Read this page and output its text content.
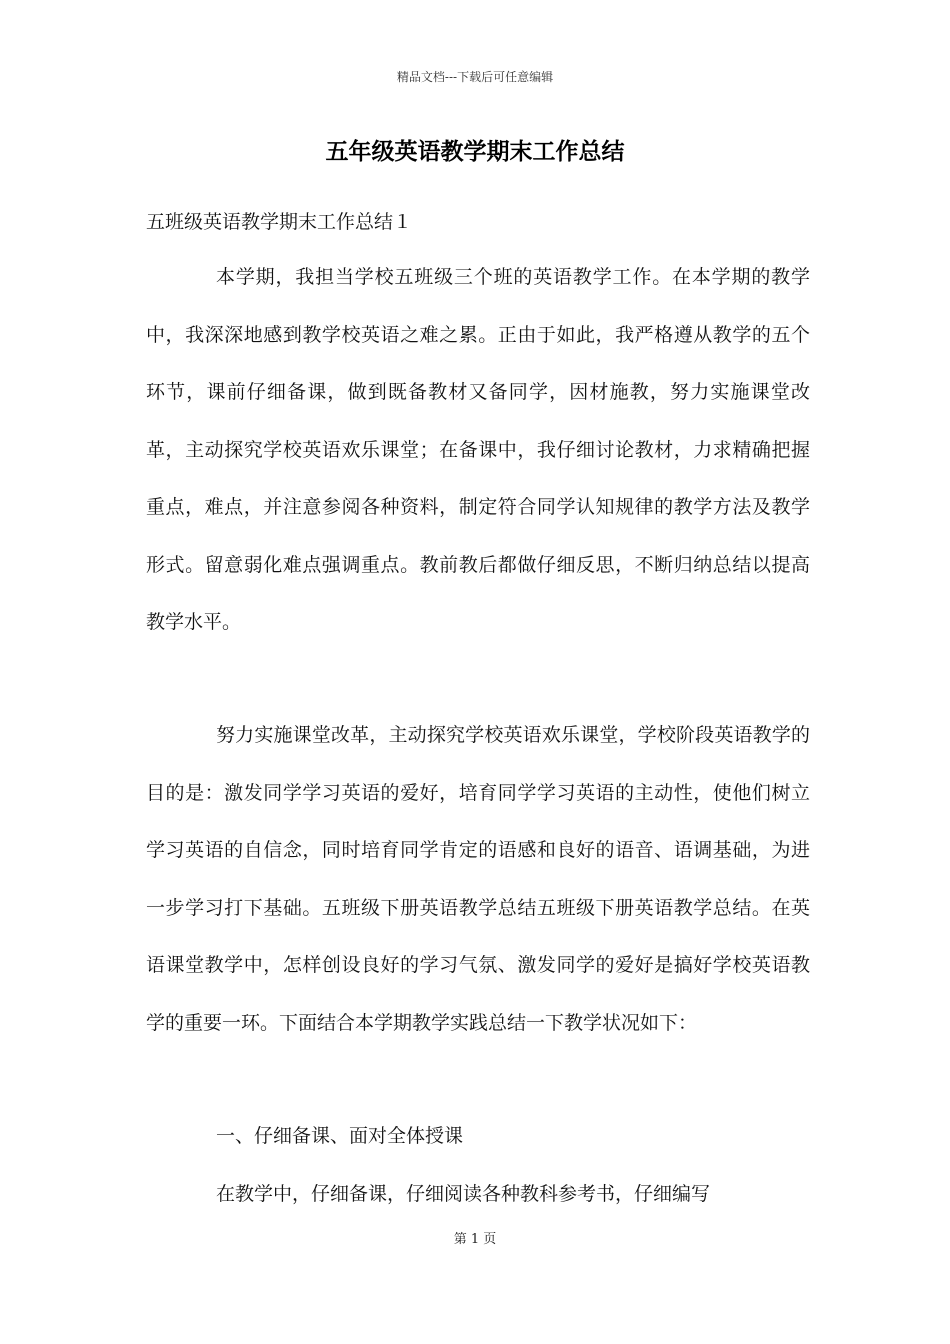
精品文档---下载后可任意编辑
五年级英语教学期末工作总结

五班级英语教学期末工作总结１

本学期，我担当学校五班级三个班的英语教学工作。在本学期的教学中，我深深地感到教学校英语之难之累。正由于如此，我严格遵从教学的五个环节，课前仔细备课，做到既备教材又备同学，因材施教，努力实施课堂改革，主动探究学校英语欢乐课堂；在备课中，我仔细讨论教材，力求精确把握重点，难点，并注意参阅各种资料，制定符合同学认知规律的教学方法及教学形式。留意弱化难点强调重点。教前教后都做仔细反思，不断归纳总结以提高教学水平。

努力实施课堂改革，主动探究学校英语欢乐课堂，学校阶段英语教学的目的是：激发同学学习英语的爱好，培育同学学习英语的主动性，使他们树立学习英语的自信念，同时培育同学肯定的语感和良好的语音、语调基础，为进一步学习打下基础。五班级下册英语教学总结五班级下册英语教学总结。在英语课堂教学中，怎样创设良好的学习气氛、激发同学的爱好是搞好学校英语教学的重要一环。下面结合本学期教学实践总结一下教学状况如下：

一、仔细备课、面对全体授课

在教学中，仔细备课，仔细阅读各种教科参考书，仔细编写

第 1 页
